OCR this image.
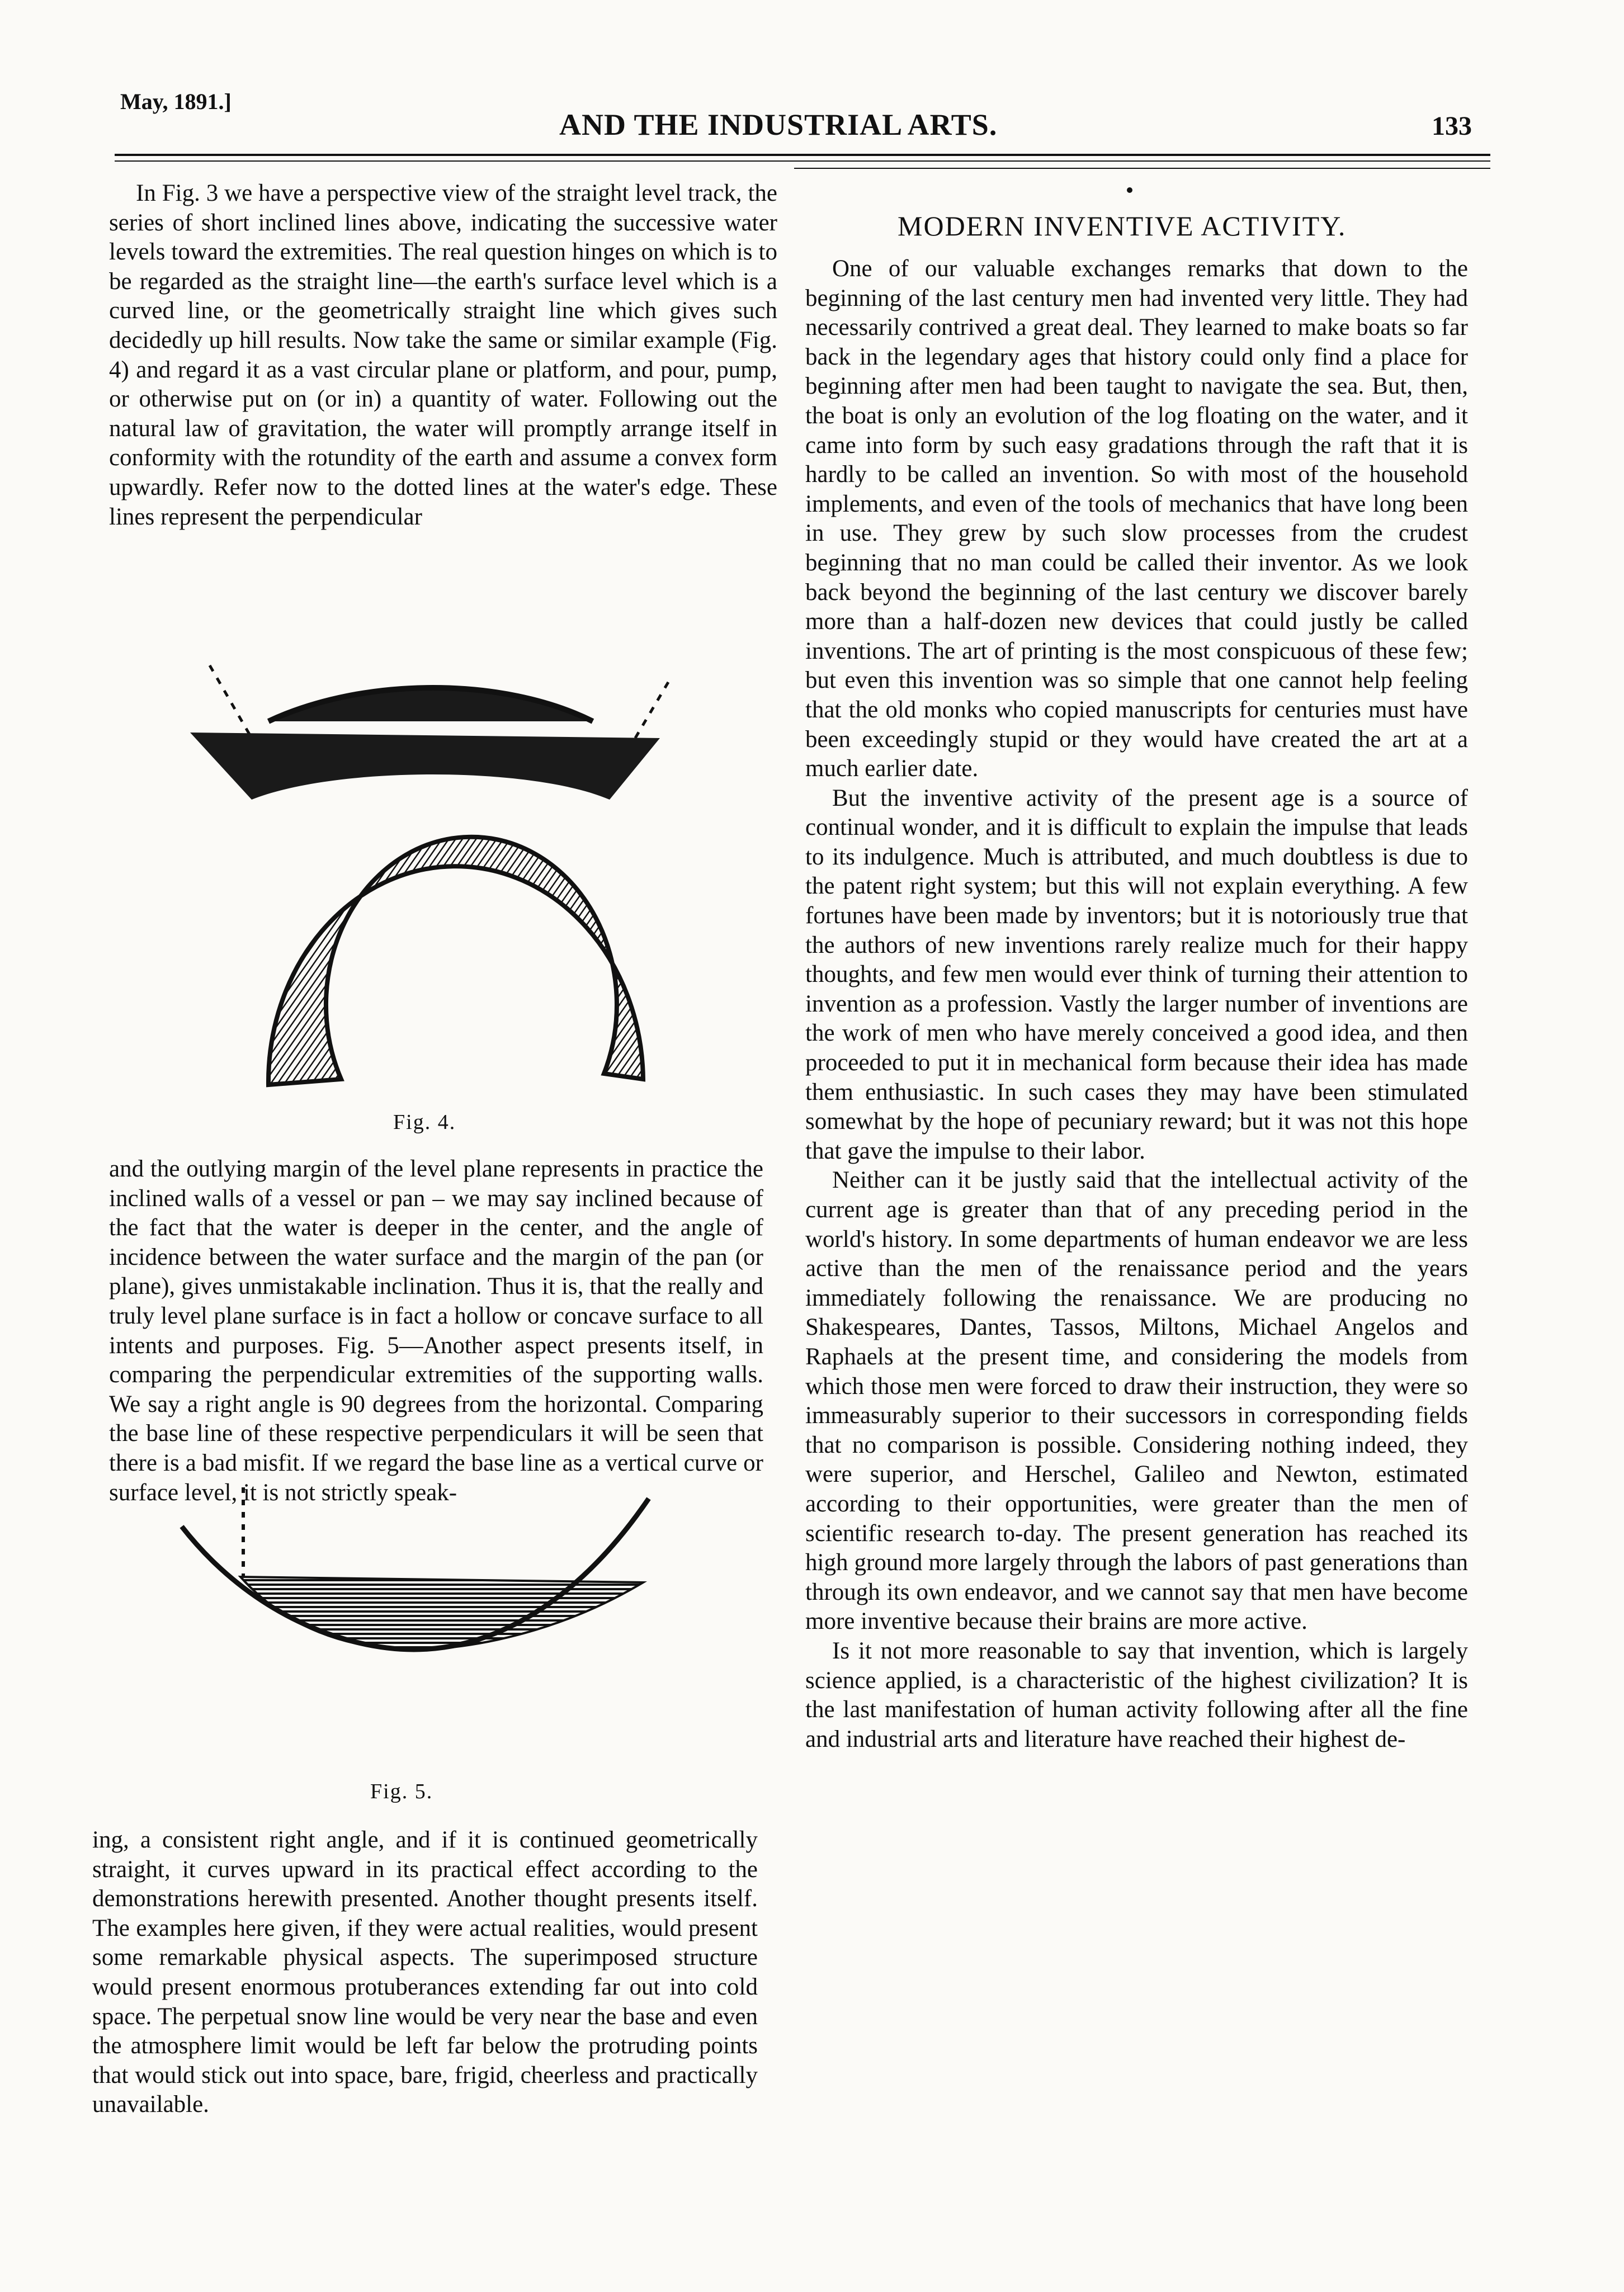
May, 1891.]
AND THE INDUSTRIAL ARTS.	133

In Fig. 3 we have a perspective view of the straight level track, the series of short inclined lines above, indicating the successive water levels toward the extremities. The real question hinges on which is to be regarded as the straight line—the earth's surface level which is a curved line, or the geometrically straight line which gives such decidedly up hill results. Now take the same or similar example (Fig. 4) and regard it as a vast circular plane or platform, and pour, pump, or otherwise put on (or in) a quantity of water. Following out the natural law of gravitation, the water will promptly arrange itself in conformity with the rotundity of the earth and assume a convex form upwardly. Refer now to the dotted lines at the water's edge. These lines represent the perpendicular

Fig. 4.

and the outlying margin of the level plane represents in practice the inclined walls of a vessel or pan – we may say inclined because of the fact that the water is deeper in the center, and the angle of incidence between the water surface and the margin of the pan (or plane), gives unmistakable inclination. Thus it is, that the really and truly level plane surface is in fact a hollow or concave surface to all intents and purposes. Fig. 5—Another aspect presents itself, in comparing the perpendicular extremities of the supporting walls. We say a right angle is 90 degrees from the horizontal. Comparing the base line of these respective perpendiculars it will be seen that there is a bad misfit. If we regard the base line as a vertical curve or surface level, it is not strictly speak-

Fig. 5.

ing, a consistent right angle, and if it is continued geometrically straight, it curves upward in its practical effect according to the demonstrations herewith presented. Another thought presents itself. The examples here given, if they were actual realities, would present some remarkable physical aspects. The superimposed structure would present enormous protuberances extending far out into cold space. The perpetual snow line would be very near the base and even the atmosphere limit would be left far below the protruding points that would stick out into space, bare, frigid, cheerless and practically unavailable.

MODERN INVENTIVE ACTIVITY.

One of our valuable exchanges remarks that down to the beginning of the last century men had invented very little. They had necessarily contrived a great deal. They learned to make boats so far back in the legendary ages that history could only find a place for beginning after men had been taught to navigate the sea. But, then, the boat is only an evolution of the log floating on the water, and it came into form by such easy gradations through the raft that it is hardly to be called an invention. So with most of the household implements, and even of the tools of mechanics that have long been in use. They grew by such slow processes from the crudest beginning that no man could be called their inventor. As we look back beyond the beginning of the last century we discover barely more than a half-dozen new devices that could justly be called inventions. The art of printing is the most conspicuous of these few; but even this invention was so simple that one cannot help feeling that the old monks who copied manuscripts for centuries must have been exceedingly stupid or they would have created the art at a much earlier date.

But the inventive activity of the present age is a source of continual wonder, and it is difficult to explain the impulse that leads to its indulgence. Much is attributed, and much doubtless is due to the patent right system; but this will not explain everything. A few fortunes have been made by inventors; but it is notoriously true that the authors of new inventions rarely realize much for their happy thoughts, and few men would ever think of turning their attention to invention as a profession. Vastly the larger number of inventions are the work of men who have merely conceived a good idea, and then proceeded to put it in mechanical form because their idea has made them enthusiastic. In such cases they may have been stimulated somewhat by the hope of pecuniary reward; but it was not this hope that gave the impulse to their labor.

Neither can it be justly said that the intellectual activity of the current age is greater than that of any preceding period in the world's history. In some departments of human endeavor we are less active than the men of the renaissance period and the years immediately following the renaissance. We are producing no Shakespeares, Dantes, Tassos, Miltons, Michael Angelos and Raphaels at the present time, and considering the models from which those men were forced to draw their instruction, they were so immeasurably superior to their successors in corresponding fields that no comparison is possible. Considering nothing indeed, they were superior, and Herschel, Galileo and Newton, estimated according to their opportunities, were greater than the men of scientific research to-day. The present generation has reached its high ground more largely through the labors of past generations than through its own endeavor, and we cannot say that men have become more inventive because their brains are more active.

Is it not more reasonable to say that invention, which is largely science applied, is a characteristic of the highest civilization? It is the last manifestation of human activity following after all the fine and industrial arts and literature have reached their highest de-
